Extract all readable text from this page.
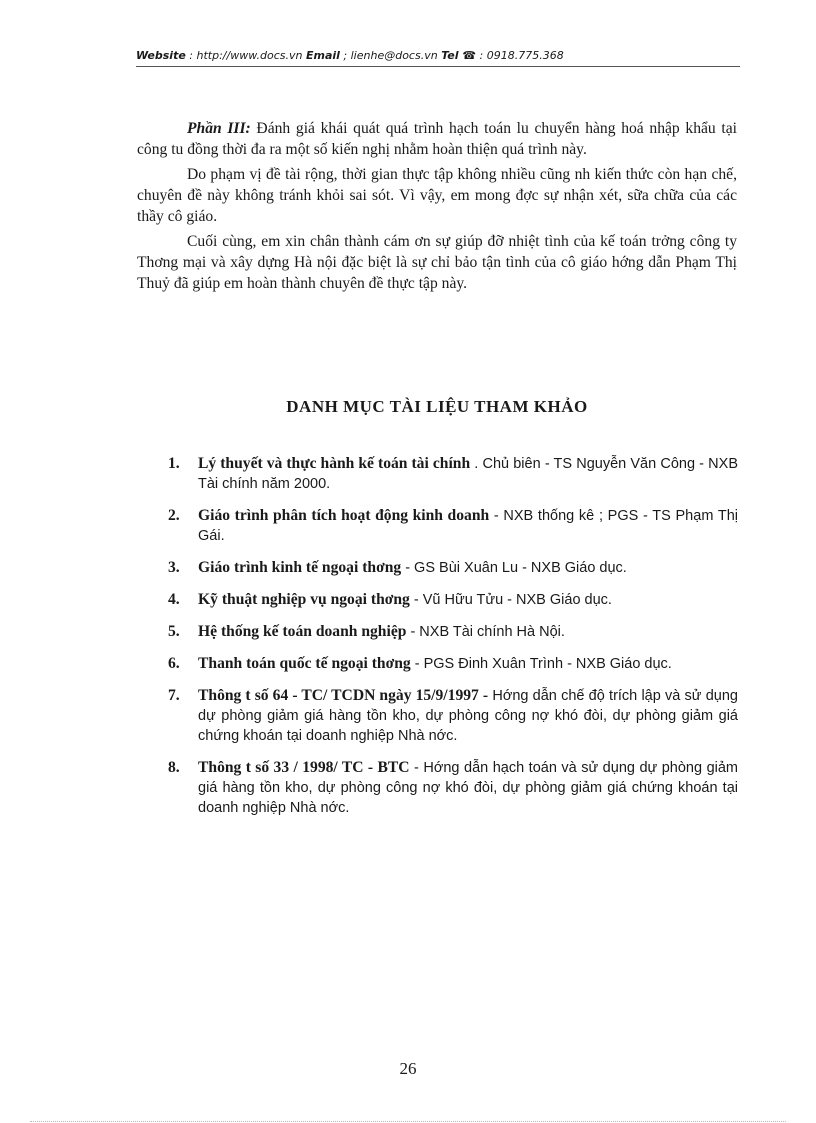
Website : http://www.docs.vn Email ; lienhe@docs.vn Tel ☎ : 0918.775.368

Phần III: Đánh giá khái quát quá trình hạch toán lu chuyển hàng hoá nhập khẩu tại công tu đồng thời đa ra một số kiến nghị nhằm hoàn thiện quá trình này.

Do phạm vị đề tài rộng, thời gian thực tập không nhiều cũng nh kiến thức còn hạn chế, chuyên đề này không tránh khỏi sai sót. Vì vậy, em mong đợc sự nhận xét, sữa chữa của các thầy cô giáo.

Cuối cùng, em xin chân thành cám ơn sự giúp đỡ nhiệt tình của kế toán trởng công ty Thơng mại và xây dựng Hà nội đặc biệt là sự chỉ bảo tận tình của cô giáo hớng dẫn Phạm Thị Thuỷ đã giúp em hoàn thành chuyên đề thực tập này.

DANH MỤC TÀI LIỆU THAM KHẢO
1. Lý thuyết và thực hành kế toán tài chính . Chủ biên - TS Nguyễn Văn Công - NXB Tài chính năm 2000.
2. Giáo trình phân tích hoạt động kinh doanh - NXB thống kê ; PGS - TS Phạm Thị Gái.
3. Giáo trình kinh tế ngoại thơng - GS Bùi Xuân Lu - NXB Giáo dục.
4. Kỹ thuật nghiệp vụ ngoại thơng - Vũ Hữu Tửu - NXB Giáo dục.
5. Hệ thống kế toán doanh nghiệp - NXB Tài chính Hà Nội.
6. Thanh toán quốc tế ngoại thơng - PGS Đinh Xuân Trình - NXB Giáo dục.
7. Thông t số 64 - TC/ TCDN ngày 15/9/1997 - Hớng dẫn chế độ trích lập và sử dụng dự phòng giảm giá hàng tồn kho, dự phòng công nợ khó đòi, dự phòng giảm giá chứng khoán tại doanh nghiệp Nhà nớc.
8. Thông t số 33 / 1998/ TC - BTC - Hớng dẫn hạch toán và sử dụng dự phòng giảm giá hàng tồn kho, dự phòng công nợ khó đòi, dự phòng giảm giá chứng khoán tại doanh nghiệp Nhà nớc.
26
